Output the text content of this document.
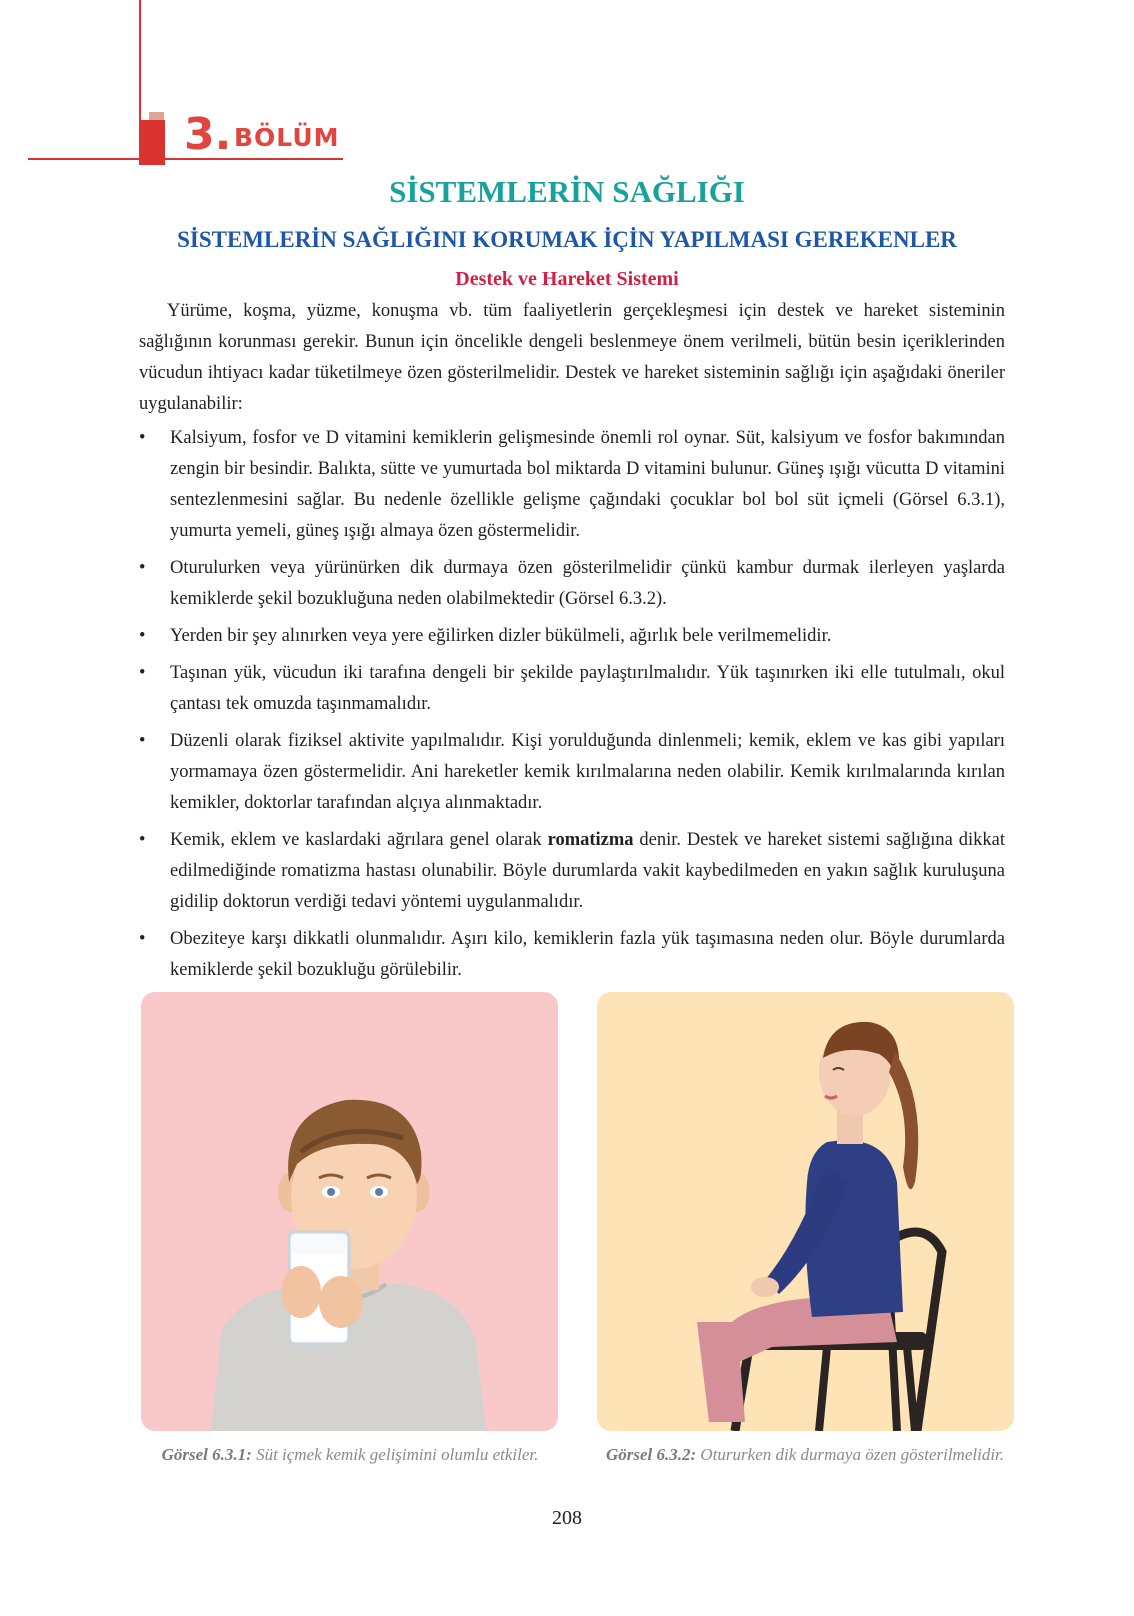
3. BÖLÜM
SİSTEMLERİN SAĞLIĞI
SİSTEMLERİN SAĞLIĞINI KORUMAK İÇİN YAPILMASI GEREKENLER
Destek ve Hareket Sistemi

Yürüme, koşma, yüzme, konuşma vb. tüm faaliyetlerin gerçekleşmesi için destek ve hareket sisteminin sağlığının korunması gerekir. Bunun için öncelikle dengeli beslenmeye önem verilmeli, bütün besin içeriklerinden vücudun ihtiyacı kadar tüketilmeye özen gösterilmelidir. Destek ve hareket sisteminin sağlığı için aşağıdaki öneriler uygulanabilir:

• Kalsiyum, fosfor ve D vitamini kemiklerin gelişmesinde önemli rol oynar. Süt, kalsiyum ve fosfor bakımından zengin bir besindir. Balıkta, sütte ve yumurtada bol miktarda D vitamini bulunur. Güneş ışığı vücutta D vitamini sentezlenmesini sağlar. Bu nedenle özellikle gelişme çağındaki çocuklar bol bol süt içmeli (Görsel 6.3.1), yumurta yemeli, güneş ışığı almaya özen göstermelidir.
• Oturulurken veya yürünürken dik durmaya özen gösterilmelidir çünkü kambur durmak ilerleyen yaşlarda kemiklerde şekil bozukluğuna neden olabilmektedir (Görsel 6.3.2).
• Yerden bir şey alınırken veya yere eğilirken dizler bükülmeli, ağırlık bele verilmemelidir.
• Taşınan yük, vücudun iki tarafına dengeli bir şekilde paylaştırılmalıdır. Yük taşınırken iki elle tutulmalı, okul çantası tek omuzda taşınmamalıdır.
• Düzenli olarak fiziksel aktivite yapılmalıdır. Kişi yorulduğunda dinlenmeli; kemik, eklem ve kas gibi yapıları yormamaya özen göstermelidir. Ani hareketler kemik kırılmalarına neden olabilir. Kemik kırılmalarında kırılan kemikler, doktorlar tarafından alçıya alınmaktadır.
• Kemik, eklem ve kaslardaki ağrılara genel olarak romatizma denir. Destek ve hareket sistemi sağlığına dikkat edilmediğinde romatizma hastası olunabilir. Böyle durumlarda vakit kaybedilmeden en yakın sağlık kuruluşuna gidilip doktorun verdiği tedavi yöntemi uygulanmalıdır.
• Obeziteye karşı dikkatli olunmalıdır. Aşırı kilo, kemiklerin fazla yük taşımasına neden olur. Böyle durumlarda kemiklerde şekil bozukluğu görülebilir.
Görsel 6.3.1: Süt içmek kemik gelişimini olumlu etkiler.	Görsel 6.3.2: Otururken dik durmaya özen gösterilmelidir.
208
